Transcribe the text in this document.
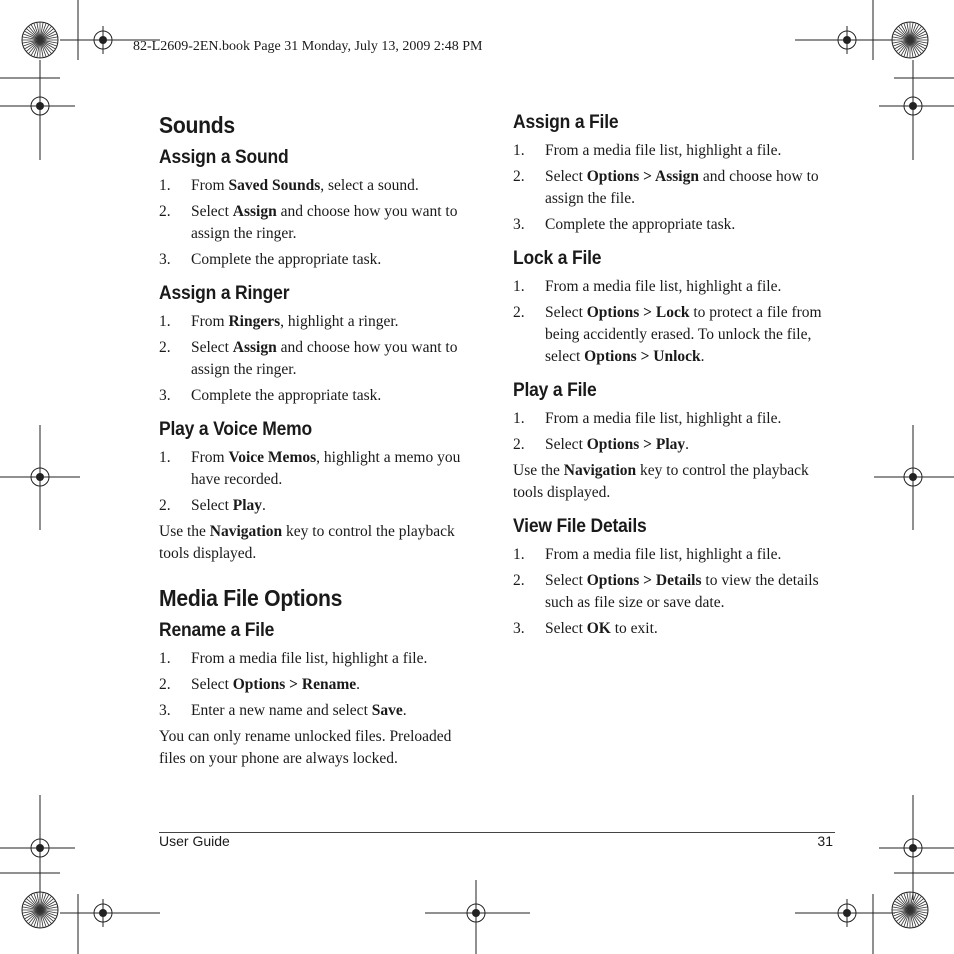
82-L2609-2EN.book Page 31 Monday, July 13, 2009 2:48 PM
Sounds
Assign a Sound
1. From Saved Sounds, select a sound.
2. Select Assign and choose how you want to assign the ringer.
3. Complete the appropriate task.
Assign a Ringer
1. From Ringers, highlight a ringer.
2. Select Assign and choose how you want to assign the ringer.
3. Complete the appropriate task.
Play a Voice Memo
1. From Voice Memos, highlight a memo you have recorded.
2. Select Play.

Use the Navigation key to control the playback tools displayed.

Media File Options
Rename a File
1. From a media file list, highlight a file.
2. Select Options > Rename.
3. Enter a new name and select Save.

You can only rename unlocked files. Preloaded files on your phone are always locked.

Assign a File
1. From a media file list, highlight a file.
2. Select Options > Assign and choose how to assign the file.
3. Complete the appropriate task.
Lock a File
1. From a media file list, highlight a file.
2. Select Options > Lock to protect a file from being accidently erased. To unlock the file, select Options > Unlock.
Play a File
1. From a media file list, highlight a file.
2. Select Options > Play.

Use the Navigation key to control the playback tools displayed.

View File Details
1. From a media file list, highlight a file.
2. Select Options > Details to view the details such as file size or save date.
3. Select OK to exit.
User Guide	31
